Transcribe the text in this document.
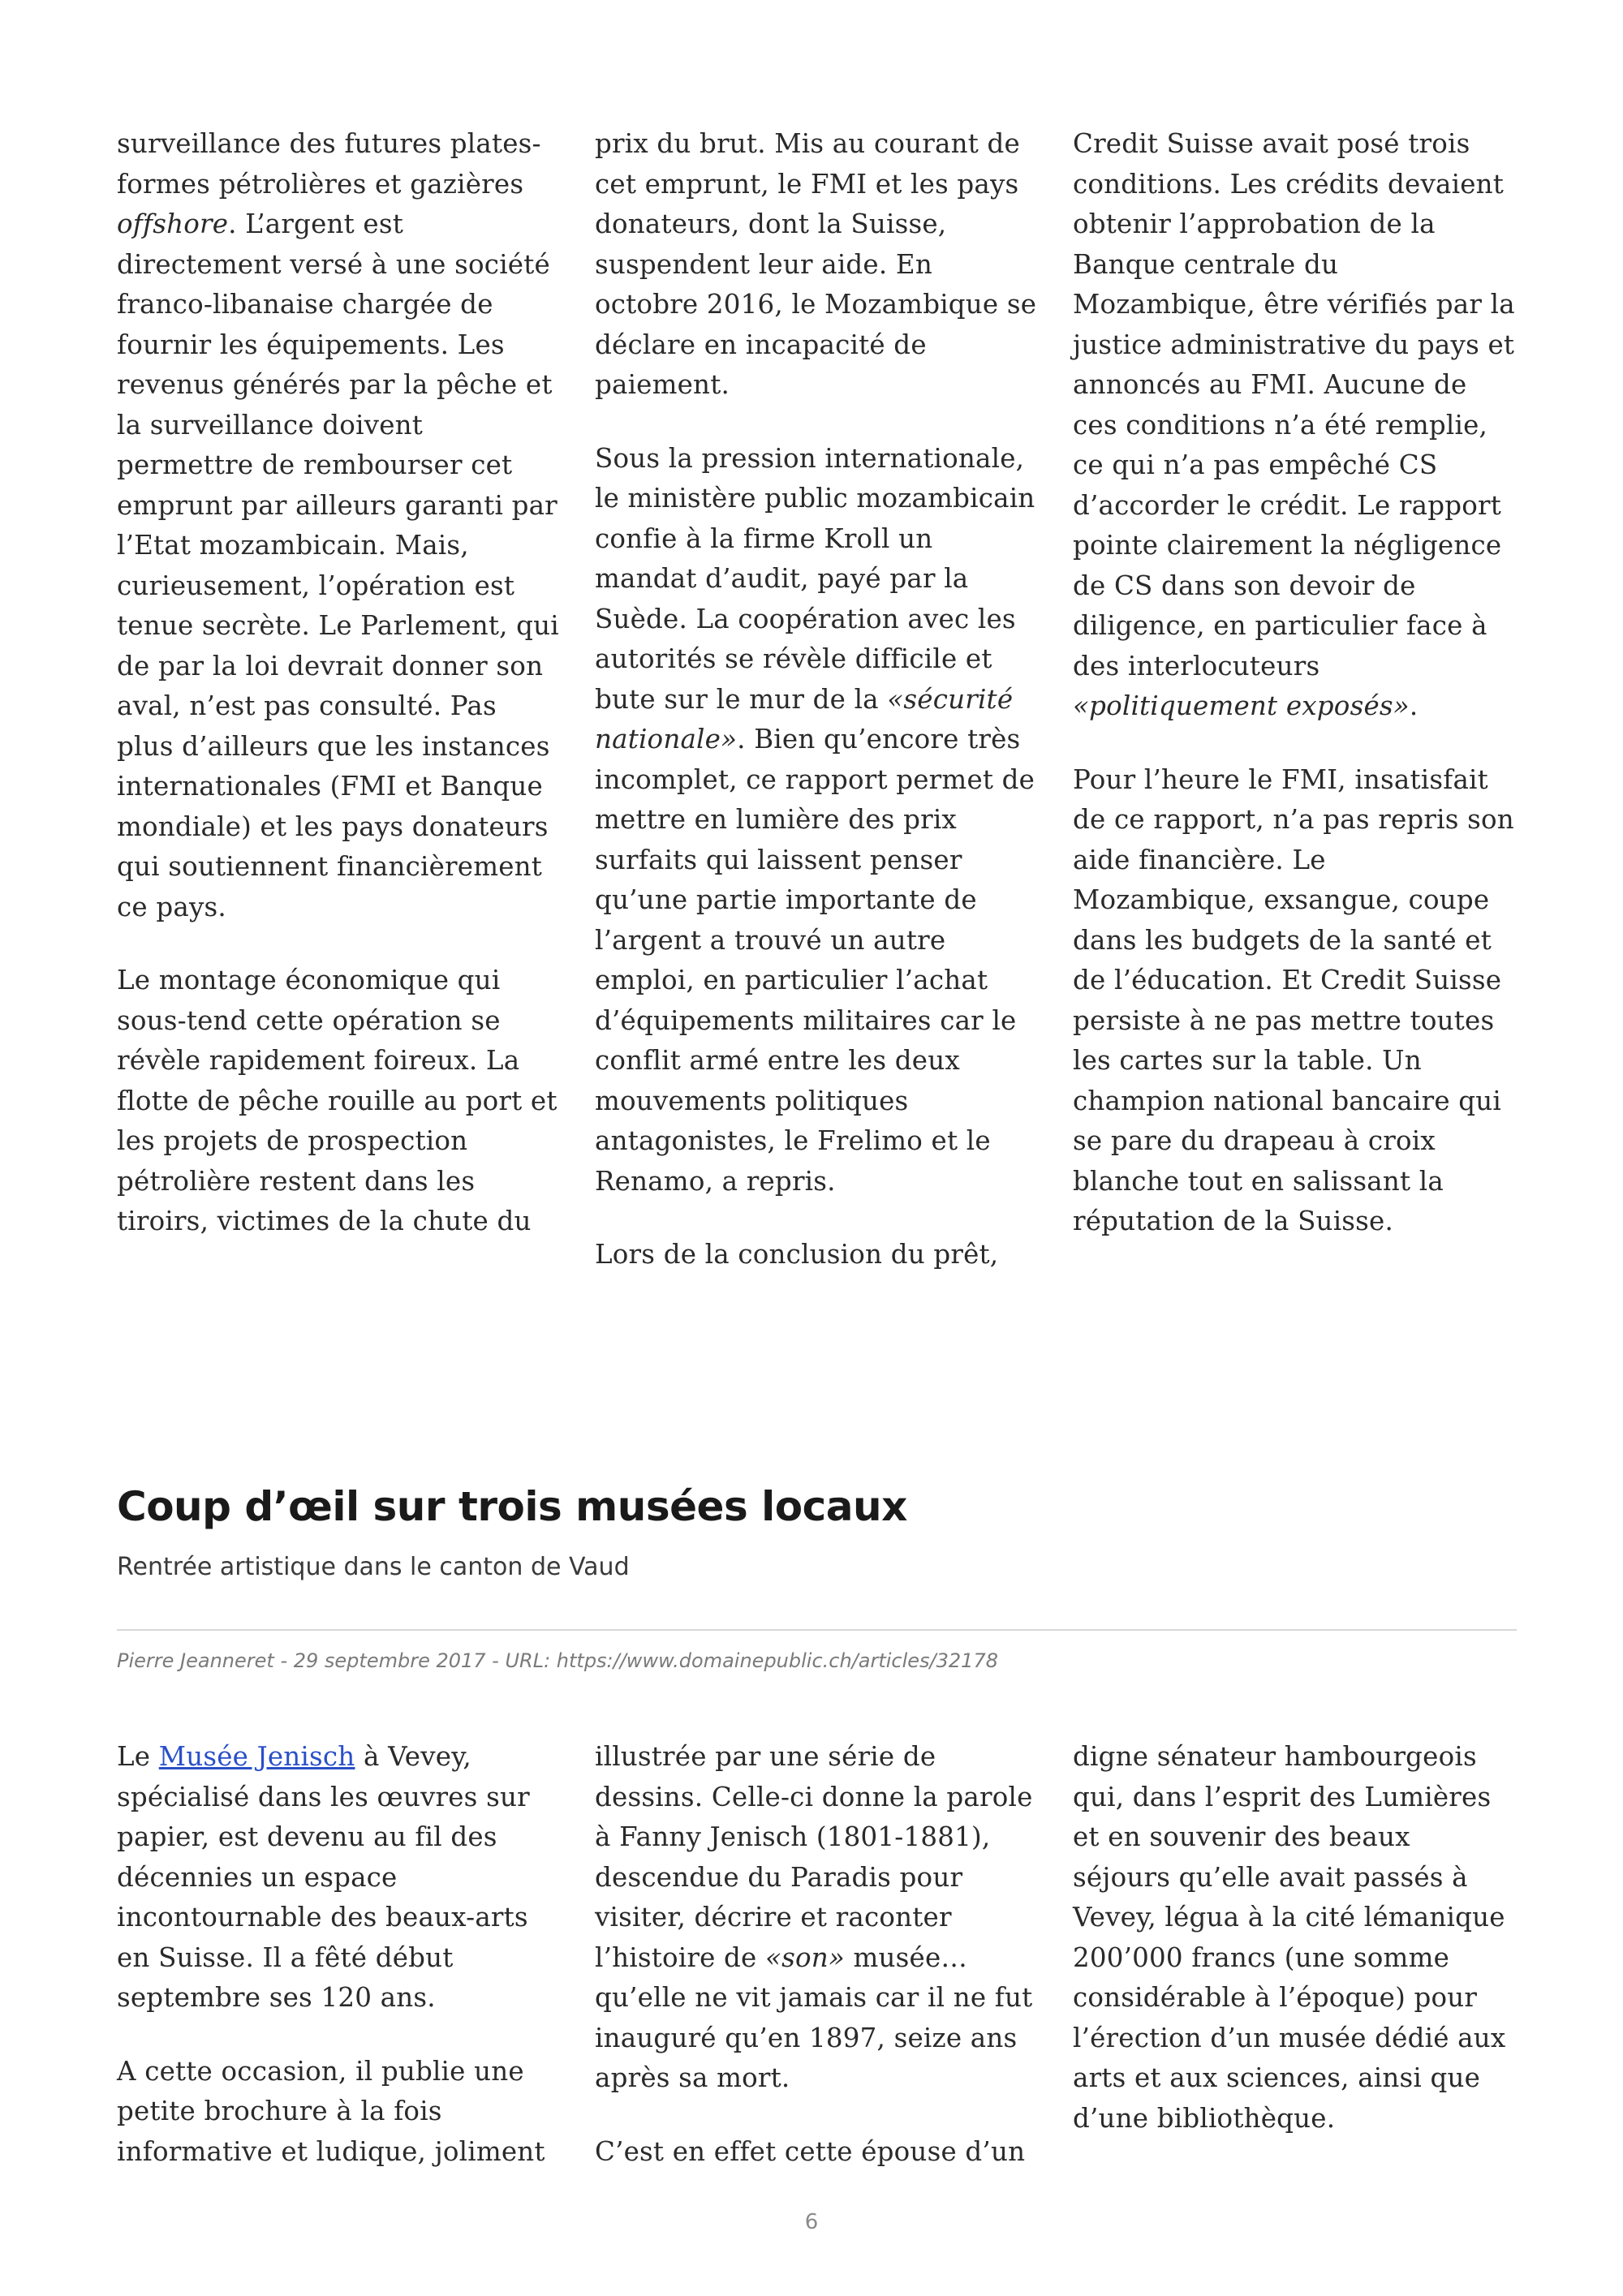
surveillance des futures plates-formes pétrolières et gazières offshore. L’argent est directement versé à une société franco-libanaise chargée de fournir les équipements. Les revenus générés par la pêche et la surveillance doivent permettre de rembourser cet emprunt par ailleurs garanti par l’Etat mozambicain. Mais, curieusement, l’opération est tenue secrète. Le Parlement, qui de par la loi devrait donner son aval, n’est pas consulté. Pas plus d’ailleurs que les instances internationales (FMI et Banque mondiale) et les pays donateurs qui soutiennent financièrement ce pays.

Le montage économique qui sous-tend cette opération se révèle rapidement foireux. La flotte de pêche rouille au port et les projets de prospection pétrolière restent dans les tiroirs, victimes de la chute du

prix du brut. Mis au courant de cet emprunt, le FMI et les pays donateurs, dont la Suisse, suspendent leur aide. En octobre 2016, le Mozambique se déclare en incapacité de paiement.

Sous la pression internationale, le ministère public mozambicain confie à la firme Kroll un mandat d’audit, payé par la Suède. La coopération avec les autorités se révèle difficile et bute sur le mur de la «sécurité nationale». Bien qu’encore très incomplet, ce rapport permet de mettre en lumière des prix surfaits qui laissent penser qu’une partie importante de l’argent a trouvé un autre emploi, en particulier l’achat d’équipements militaires car le conflit armé entre les deux mouvements politiques antagonistes, le Frelimo et le Renamo, a repris.

Lors de la conclusion du prêt,

Credit Suisse avait posé trois conditions. Les crédits devaient obtenir l’approbation de la Banque centrale du Mozambique, être vérifiés par la justice administrative du pays et annoncés au FMI. Aucune de ces conditions n’a été remplie, ce qui n’a pas empêché CS d’accorder le crédit. Le rapport pointe clairement la négligence de CS dans son devoir de diligence, en particulier face à des interlocuteurs «politiquement exposés».

Pour l’heure le FMI, insatisfait de ce rapport, n’a pas repris son aide financière. Le Mozambique, exsangue, coupe dans les budgets de la santé et de l’éducation. Et Credit Suisse persiste à ne pas mettre toutes les cartes sur la table. Un champion national bancaire qui se pare du drapeau à croix blanche tout en salissant la réputation de la Suisse.

Coup d’œil sur trois musées locaux
Rentrée artistique dans le canton de Vaud
Pierre Jeanneret - 29 septembre 2017 - URL: https://www.domainepublic.ch/articles/32178

Le Musée Jenisch à Vevey, spécialisé dans les œuvres sur papier, est devenu au fil des décennies un espace incontournable des beaux-arts en Suisse. Il a fêté début septembre ses 120 ans.

A cette occasion, il publie une petite brochure à la fois informative et ludique, joliment

illustrée par une série de dessins. Celle-ci donne la parole à Fanny Jenisch (1801-1881), descendue du Paradis pour visiter, décrire et raconter l’histoire de «son» musée… qu’elle ne vit jamais car il ne fut inauguré qu’en 1897, seize ans après sa mort.

C’est en effet cette épouse d’un

digne sénateur hambourgeois qui, dans l’esprit des Lumières et en souvenir des beaux séjours qu’elle avait passés à Vevey, légua à la cité lémanique 200’000 francs (une somme considérable à l’époque) pour l’érection d’un musée dédié aux arts et aux sciences, ainsi que d’une bibliothèque.

6
